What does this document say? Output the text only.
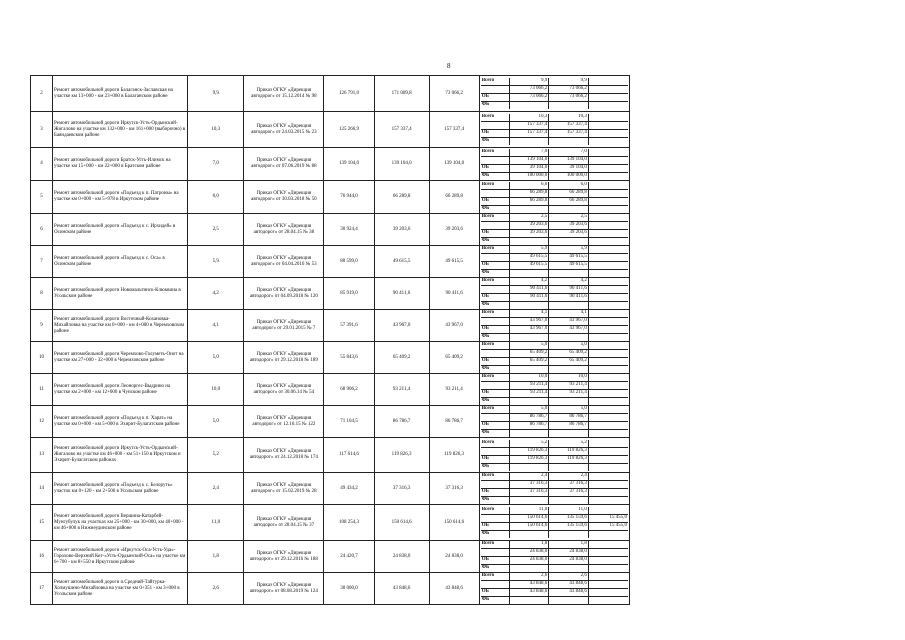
8
2	Ремонт автомобильной дороги Балаганск-Заславская на участке км 13+000 - км 23+000 в Балаганском районе	9,9	Приказ ОГКУ «Дирекция автодорог» от 15.12.2014 № 98	126 791,0	171 009,8	73 066,2	
Всего	9,9	9,9	
	73 066,2	73 066,2	
ОБ	73 066,2	73 066,2	
ФБ			

3	Ремонт автомобильной дороги Иркутск-Усть-Ордынский-Жигалово на участке км 132+000 - км 161+000 (выборочно) в Баяндаевском районе	10,3	Приказ ОГКУ «Дирекция автодорог» от 24.03.2015 № 23	125 266,9	157 337,4	157 337,4	
Всего	10,3	10,3	
	157 337,4	157 337,4	
ОБ	157 337,4	157 337,4	
ФБ			

4	Ремонт автомобильной дороги Братск-Усть-Илимск на участке км 15+000 - км 22+000 в Братском районе	7,0	Приказ ОГКУ «Дирекция автодорог» от 07.06.2019 № 88	139 104,0	139 104,0	139 104,0	
Всего	7,0	7,0	
	139 104,0	139 104,0	
ОБ	39 104,0	39 104,0	
ФБ	100 000,0	100 000,0	

5	Ремонт автомобильной дороги «Подъезд к п. Патроны» на участке км 0+000 - км 5+978 в Иркутском районе	6,0	Приказ ОГКУ «Дирекция автодорог» от 30.03.2018 № 50	76 944,0	66 289,8	66 289,8	
Всего	6,0	6,0	
	66 289,8	66 289,8	
ОБ	66 289,8	66 289,8	
ФБ			

6	Ремонт автомобильной дороги «Подъезд к с. Ирхидей» в Осинском районе	2,5	Приказ ОГКУ «Дирекция автодорог» от 28.04.15 № 38	30 924,4	39 203,6	39 203,6	
Всего	2,5	2,5	
	39 203,6	39 203,6	
ОБ	39 203,6	39 203,6	
ФБ			

7	Ремонт автомобильной дороги «Подъезд к с. Оса» в Осинском районе	5,9	Приказ ОГКУ «Дирекция автодорог» от 04.04.2016 № 53	80 599,0	49 615,5	49 615,5	
Всего	5,9	5,9	
	49 615,5	49 615,5	
ОБ	49 615,5	49 615,5	
ФБ			

8	Ремонт автомобильной дороги Новомальтинск-Клюквина в Усольском районе	4,2	Приказ ОГКУ «Дирекция автодорог» от 04.09.2018 № 120	85 919,0	90 411,6	90 411,6	
Всего	4,2	4,2	
	90 411,6	90 411,6	
ОБ	90 411,6	90 411,6	
ФБ			

9	Ремонт автомобильной дороги Восточный-Кохановка-Михайловка на участке км 0+000 - км 4+000 в Черемховском районе	4,1	Приказ ОГКУ «Дирекция автодорог» от 29.01.2015 № 7	57 391,6	43 967,0	43 967,0	
Всего	4,1	4,1	
	43 967,0	43 967,0	
ОБ	43 967,0	43 967,0	
ФБ			

10	Ремонт автомобильной дороги Черемхово-Голуметь-Онот на участке км 27+000 - 32+000 в Черемховском районе	5,0	Приказ ОГКУ «Дирекция автодорог» от 29.12.2018 № 189	55 843,6	65 409,2	65 409,2	
Всего	5,0	5,0	
	65 409,2	65 409,2	
ОБ	65 409,2	65 409,2	
ФБ			

11	Ремонт автомобильной дороги Леоноргес-Выдрино на участке км 2+000 - км 12+000 в Чунском районе	10,0	Приказ ОГКУ «Дирекция автодорог» от 30.06.14 № 54	68 906,2	93 211,4	93 211,4	
Всего	10,0	10,0	
	93 211,4	93 211,4	
ОБ	93 211,4	93 211,4	
ФБ			

12	Ремонт автомобильной дороги «Подъезд к п. Харат» на участке км 0+000 - км 5+000 в Эхирит-Булагатском районе	5,0	Приказ ОГКУ «Дирекция автодорог» от 12.10.15 № 122	71 104,5	86 786,7	86 786,7	
Всего	5,0	5,0	
	86 786,7	86 786,7	
ОБ	86 786,7	86 786,7	
ФБ			

13	Ремонт автомобильной дороги Иркутск-Усть-Ордынский-Жигалово на участке км 46+000 - км 51+150 в Иркутском и Эхирит-Булагатском районах	5,2	Приказ ОГКУ «Дирекция автодорог» от 24.12.2018 № 174	117 614,6	119 826,3	119 826,3	
Всего	5,2	5,2	
	119 826,3	119 826,3	
ОБ	119 826,3	119 826,3	
ФБ			

14	Ремонт автомобильной дороги «Подъезд к с. Белоруть» участок км 0+120 - км 2+506 в Усольском районе	2,4	Приказ ОГКУ «Дирекция автодорог» от 15.02.2019 № 28	49 434,2	37 316,3	37 316,3	
Всего	2,4	2,4	
	37 316,3	37 316,3	
ОБ	37 316,3	37 316,3	
ФБ			

15	Ремонт автомобильной дороги Вершина-Катарбей-Мунгубулук на участках км 25+000 - км 30+000, км 40+000 - км 46+000 в Нижнеудинском районе	11,0	Приказ ОГКУ «Дирекция автодорог» от 28.04.15 № 37	108 254,3	150 614,6	150 614,6	
Всего	11,0	11,0	
	150 614,6	135 159,6	15 455,0
ОБ	150 614,6	135 159,6	15 455,0
ФБ			

16	Ремонт автомобильной дороги «Иркутск-Оса-Усть-Уда»-Горохово-Верхний Кет-«Усть-Ордынский-Оса» на участке км 6+700 - км 8+550 в Иркутском районе	1,8	Приказ ОГКУ «Дирекция автодорог» от 29.12.2016 № 188	24 420,7	24 838,0	24 838,0	
Всего	1,8	1,8	
	24 838,0	24 838,0	
ОБ	24 838,0	24 838,0	
ФБ			

17	Ремонт автомобильной дороги п.Средний-Тайтурка-Холмушино-Михайловка на участке км 0+351 - км 3+000 в Усольском районе	2,6	Приказ ОГКУ «Дирекция автодорог» от 08.08.2019 № 124	30 000,0	43 848,6	43 848,6	
Всего	2,6	2,6	
	43 848,6	43 848,6	
ОБ	43 848,6	43 848,6	
ФБ			
